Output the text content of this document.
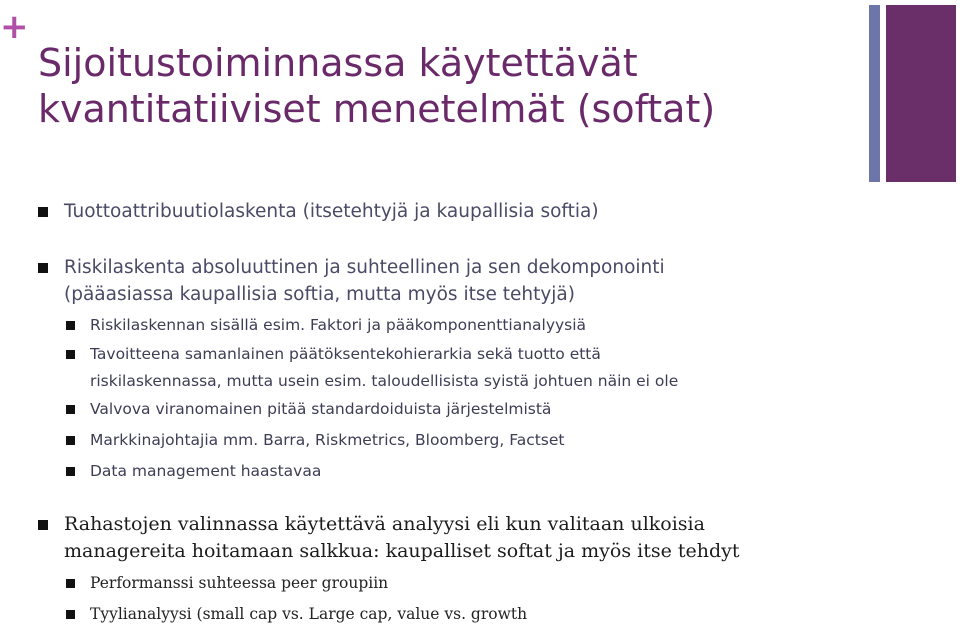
+
Sijoitustoiminnassa käytettävät
kvantitatiiviset menetelmät (softat)
Tuottoattribuutiolaskenta (itsetehtyjä ja kaupallisia softia)
Riskilaskenta absoluuttinen ja suhteellinen ja sen dekomponointi
(pääasiassa kaupallisia softia, mutta myös itse tehtyjä)
Riskilaskennan sisällä esim. Faktori ja pääkomponenttianalyysiä
Tavoitteena samanlainen päätöksentekohierarkia sekä tuotto että
riskilaskennassa, mutta usein esim. taloudellisista syistä johtuen näin ei ole
Valvova viranomainen pitää standardoiduista järjestelmistä
Markkinajohtajia mm. Barra, Riskmetrics, Bloomberg, Factset
Data management haastavaa
Rahastojen valinnassa käytettävä analyysi eli kun valitaan ulkoisia
managereita hoitamaan salkkua: kaupalliset softat ja myös itse tehdyt
Performanssi suhteessa peer groupiin
Tyylianalyysi (small cap vs. Large cap, value vs. growth
